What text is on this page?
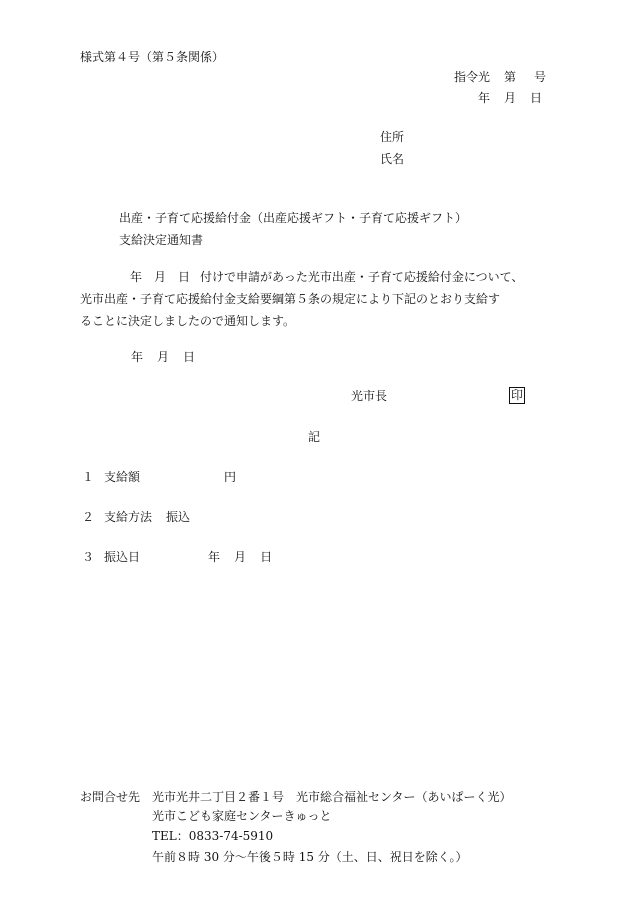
様式第４号（第５条関係）
指令光 第 号
年 月 日
住所
氏名
出産・子育て応援給付金（出産応援ギフト・子育て応援ギフト）
支給決定通知書

年　月　日 付けで申請があった光市出産・子育て応援給付金について、

光市出産・子育て応援給付金支給要綱第５条の規定により下記のとおり支給す

ることに決定しましたので通知します。

年 月 日
光市長	印
記
１ 支給額	円
２ 支給方法 振込
３ 振込日	年 月 日
お問合せ先 光市光井二丁目２番１号　光市総合福祉センター（あいぱーく光）
光市こども家庭センターきゅっと
TEL：0833-74-5910
午前８時 30 分～午後５時 15 分（土、日、祝日を除く。）
